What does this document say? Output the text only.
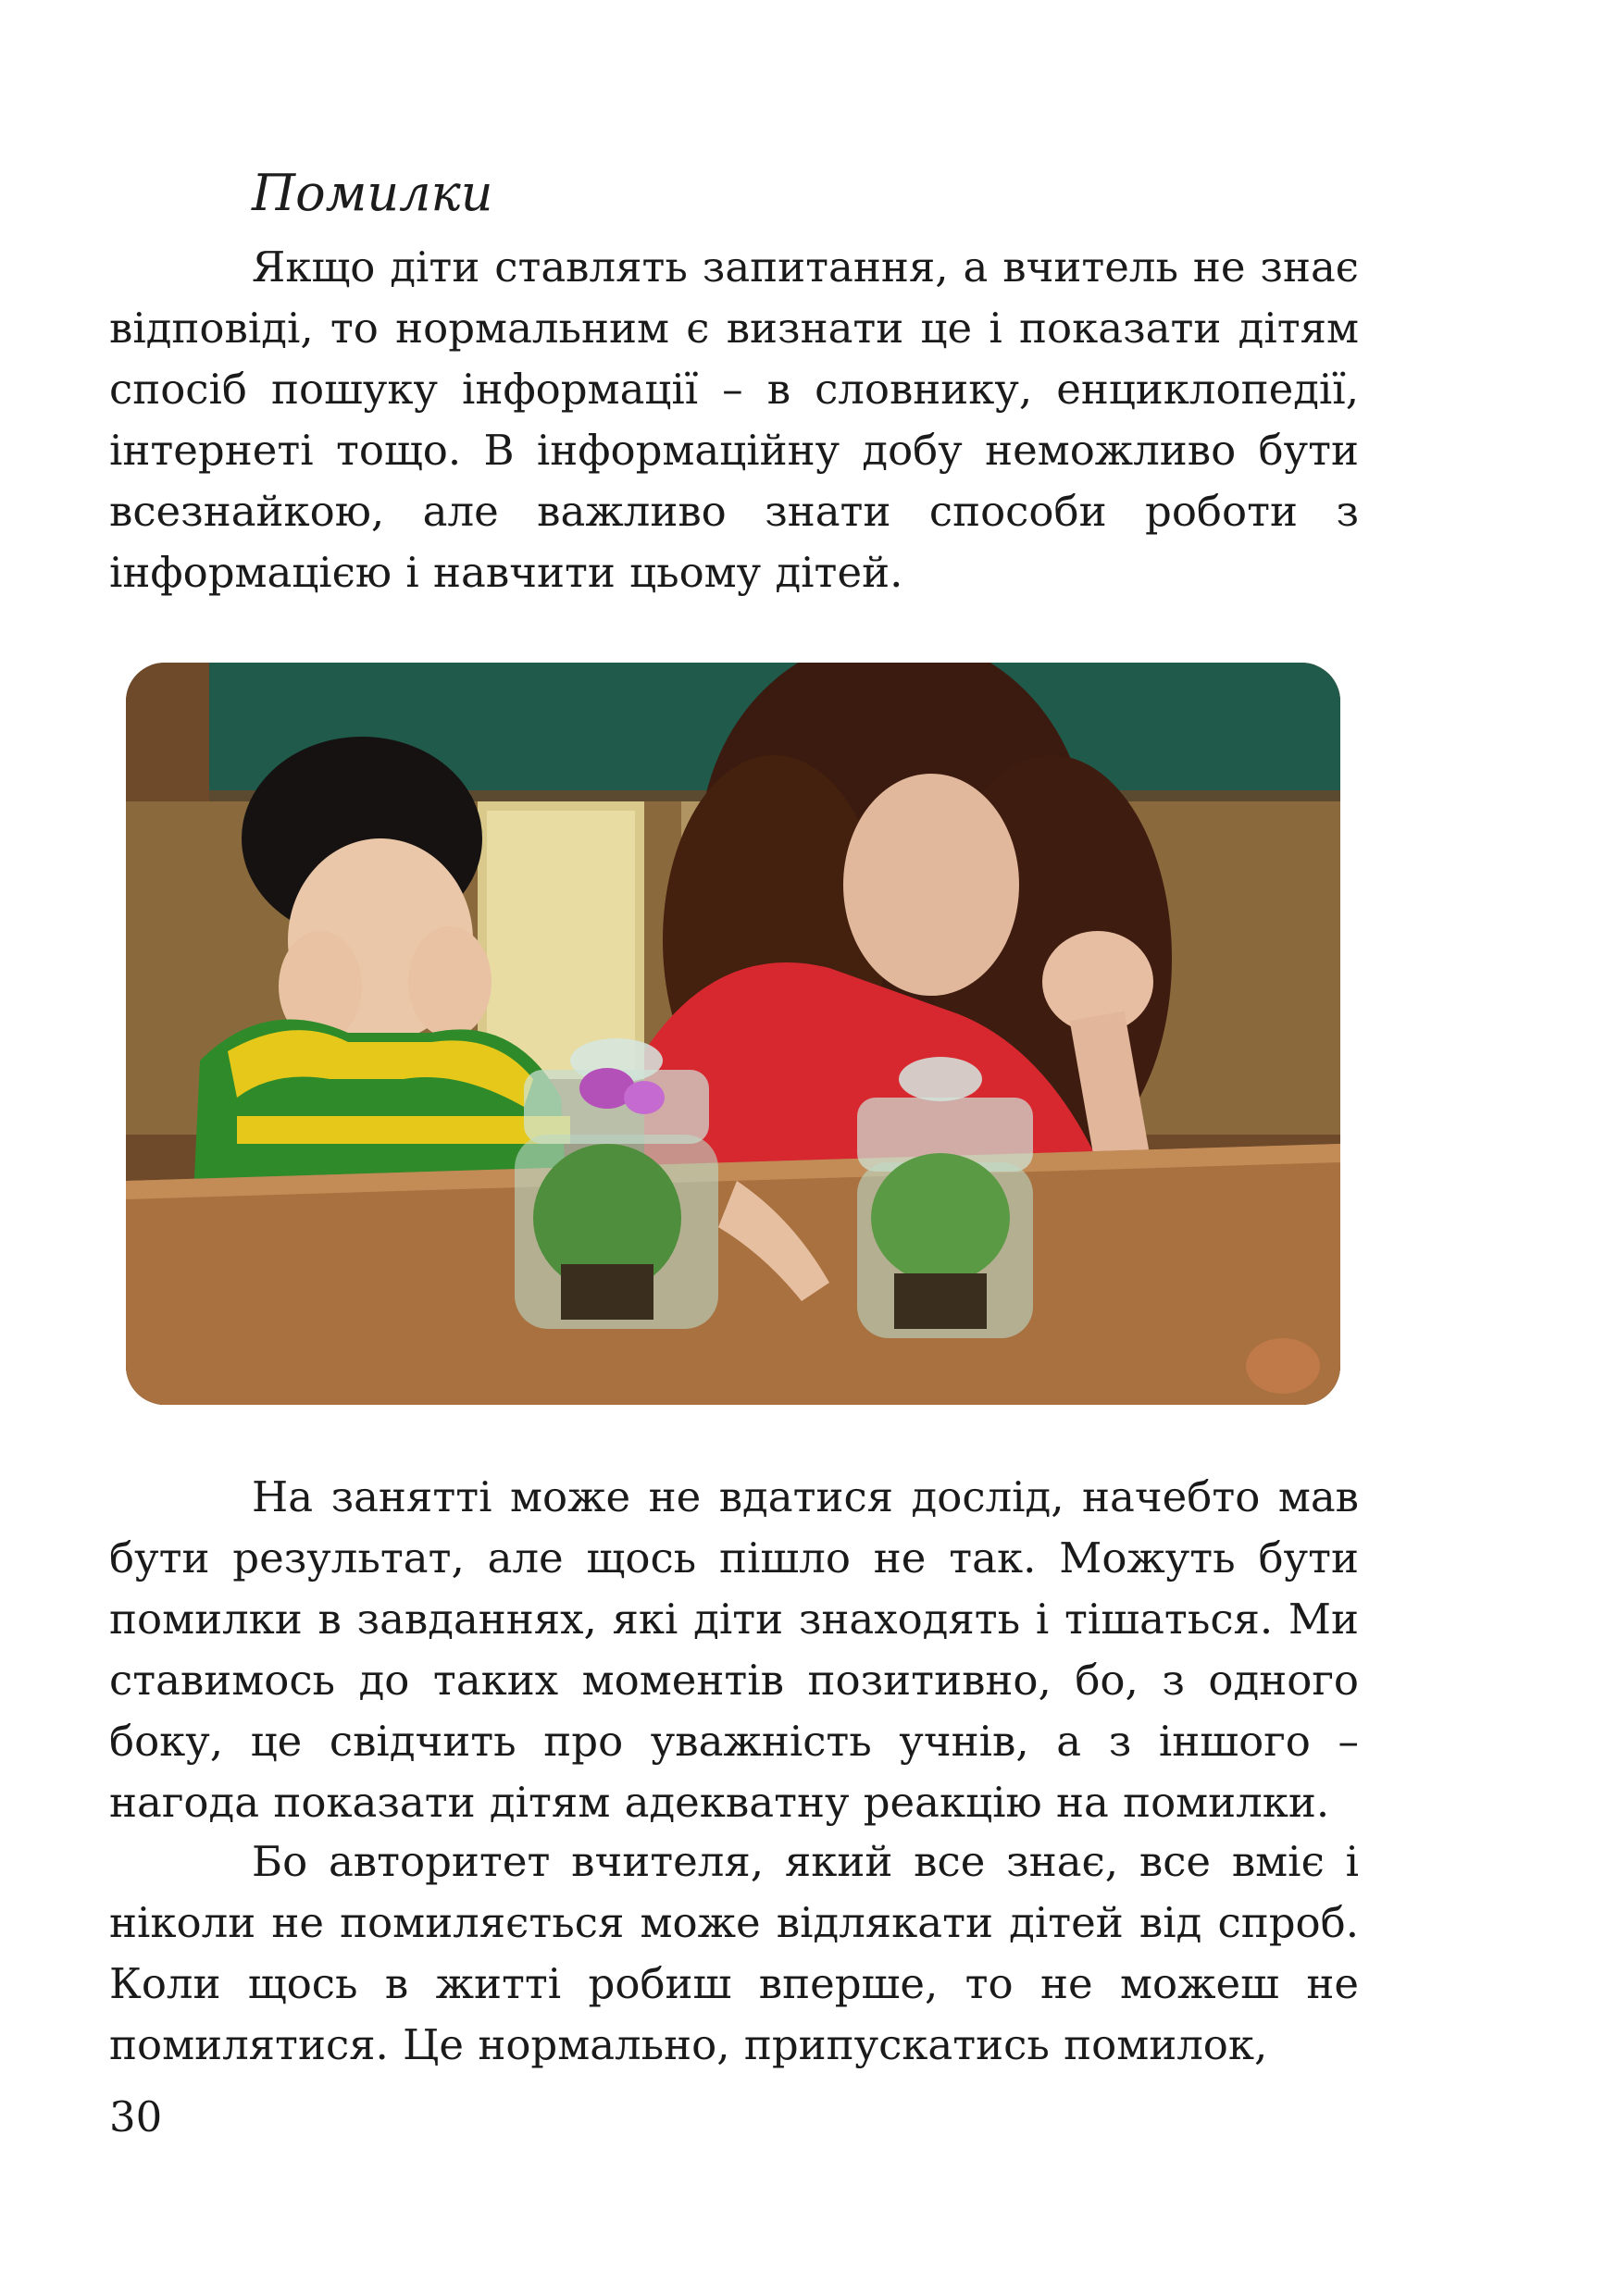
Помилки

Якщо діти ставлять запитання, а вчитель не знає відповіді, то нормальним є визнати це і показати дітям спосіб пошуку інформації – в словнику, енциклопедії, інтернеті тощо. В інформаційну добу неможливо бути всезнайкою, але важливо знати способи роботи з інформацією і навчити цьому дітей.

На занятті може не вдатися дослід, начебто мав бути результат, але щось пішло не так. Можуть бути помилки в завданнях, які діти знаходять і тішаться. Ми ставимось до таких моментів позитивно, бо, з одного боку, це свідчить про уважність учнів, а з іншого – нагода показати дітям адекватну реакцію на помилки.

Бо авторитет вчителя, який все знає, все вміє і ніколи не помиляється може відлякати дітей від спроб. Коли щось в житті робиш вперше, то не можеш не помилятися. Це нормально, припускатись помилок,

30
